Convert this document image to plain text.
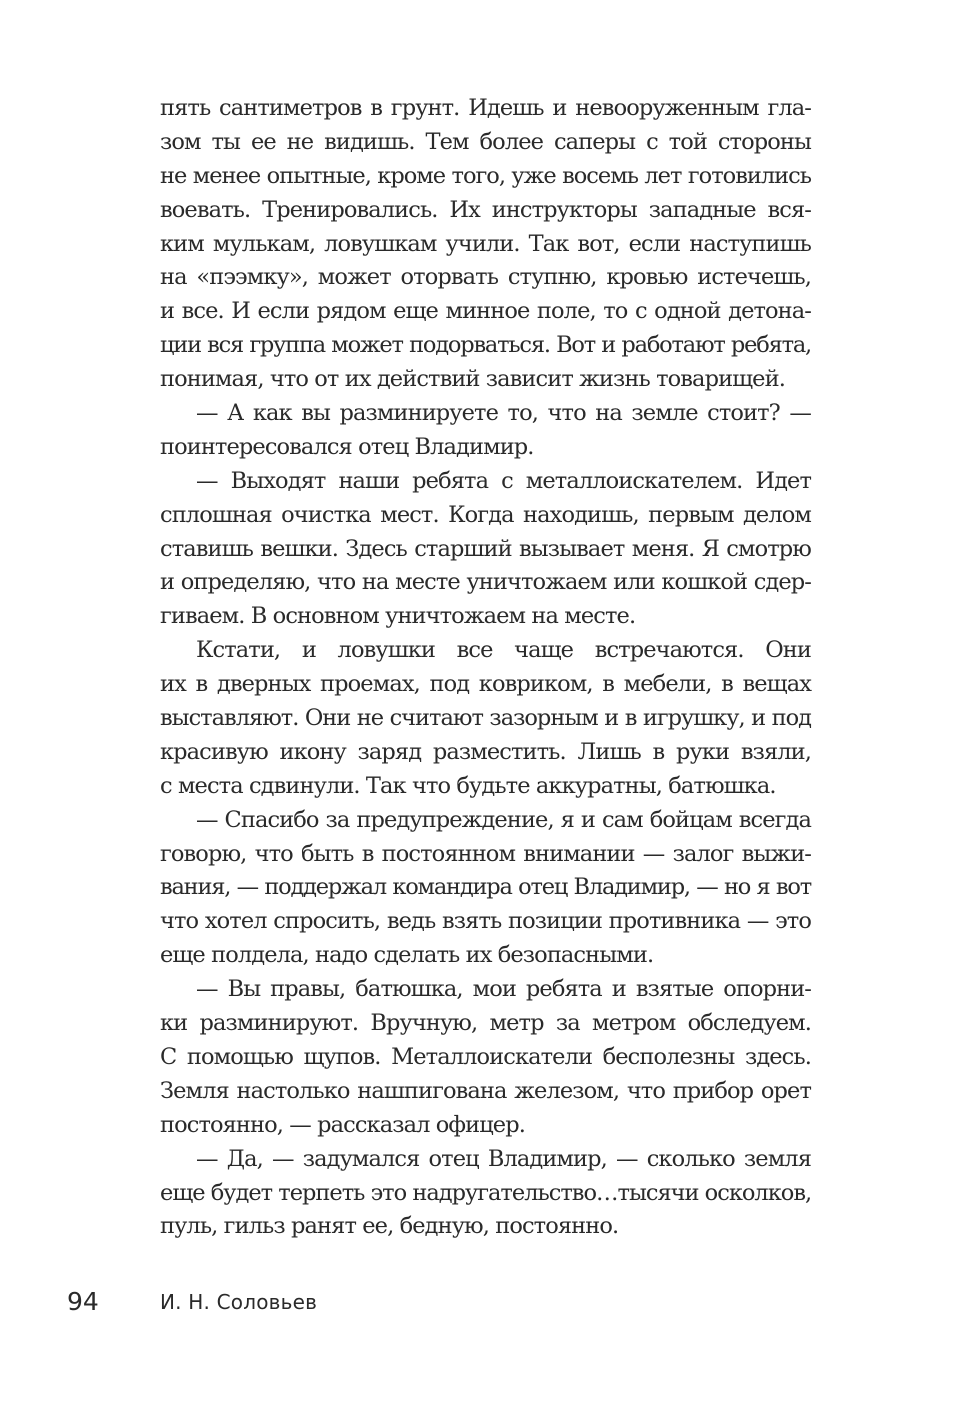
пять сантиметров в грунт. Идешь и невооруженным гла-
зом ты ее не видишь. Тем более саперы с той стороны
не менее опытные, кроме того, уже восемь лет готовились
воевать. Тренировались. Их инструкторы западные вся-
ким мулькам, ловушкам учили. Так вот, если наступишь
на «пээмку», может оторвать ступню, кровью истечешь,
и все. И если рядом еще минное поле, то с одной детона-
ции вся группа может подорваться. Вот и работают ребята,
понимая, что от их действий зависит жизнь товарищей.
— А как вы разминируете то, что на земле стоит? —
поинтересовался отец Владимир.
— Выходят наши ребята с металлоискателем. Идет
сплошная очистка мест. Когда находишь, первым делом
ставишь вешки. Здесь старший вызывает меня. Я смотрю
и определяю, что на месте уничтожаем или кошкой сдер-
гиваем. В основном уничтожаем на месте.
Кстати, и ловушки все чаще встречаются. Они
их в дверных проемах, под ковриком, в мебели, в вещах
выставляют. Они не считают зазорным и в игрушку, и под
красивую икону заряд разместить. Лишь в руки взяли,
с места сдвинули. Так что будьте аккуратны, батюшка.
— Спасибо за предупреждение, я и сам бойцам всегда
говорю, что быть в постоянном внимании — залог выжи-
вания, — поддержал командира отец Владимир, — но я вот
что хотел спросить, ведь взять позиции противника — это
еще полдела, надо сделать их безопасными.
— Вы правы, батюшка, мои ребята и взятые опорни-
ки разминируют. Вручную, метр за метром обследуем.
С помощью щупов. Металлоискатели бесполезны здесь.
Земля настолько нашпигована железом, что прибор орет
постоянно, — рассказал офицер.
— Да, — задумался отец Владимир, — сколько земля
еще будет терпеть это надругательство…тысячи осколков,
пуль, гильз ранят ее, бедную, постоянно.
94	И. Н. Соловьев
